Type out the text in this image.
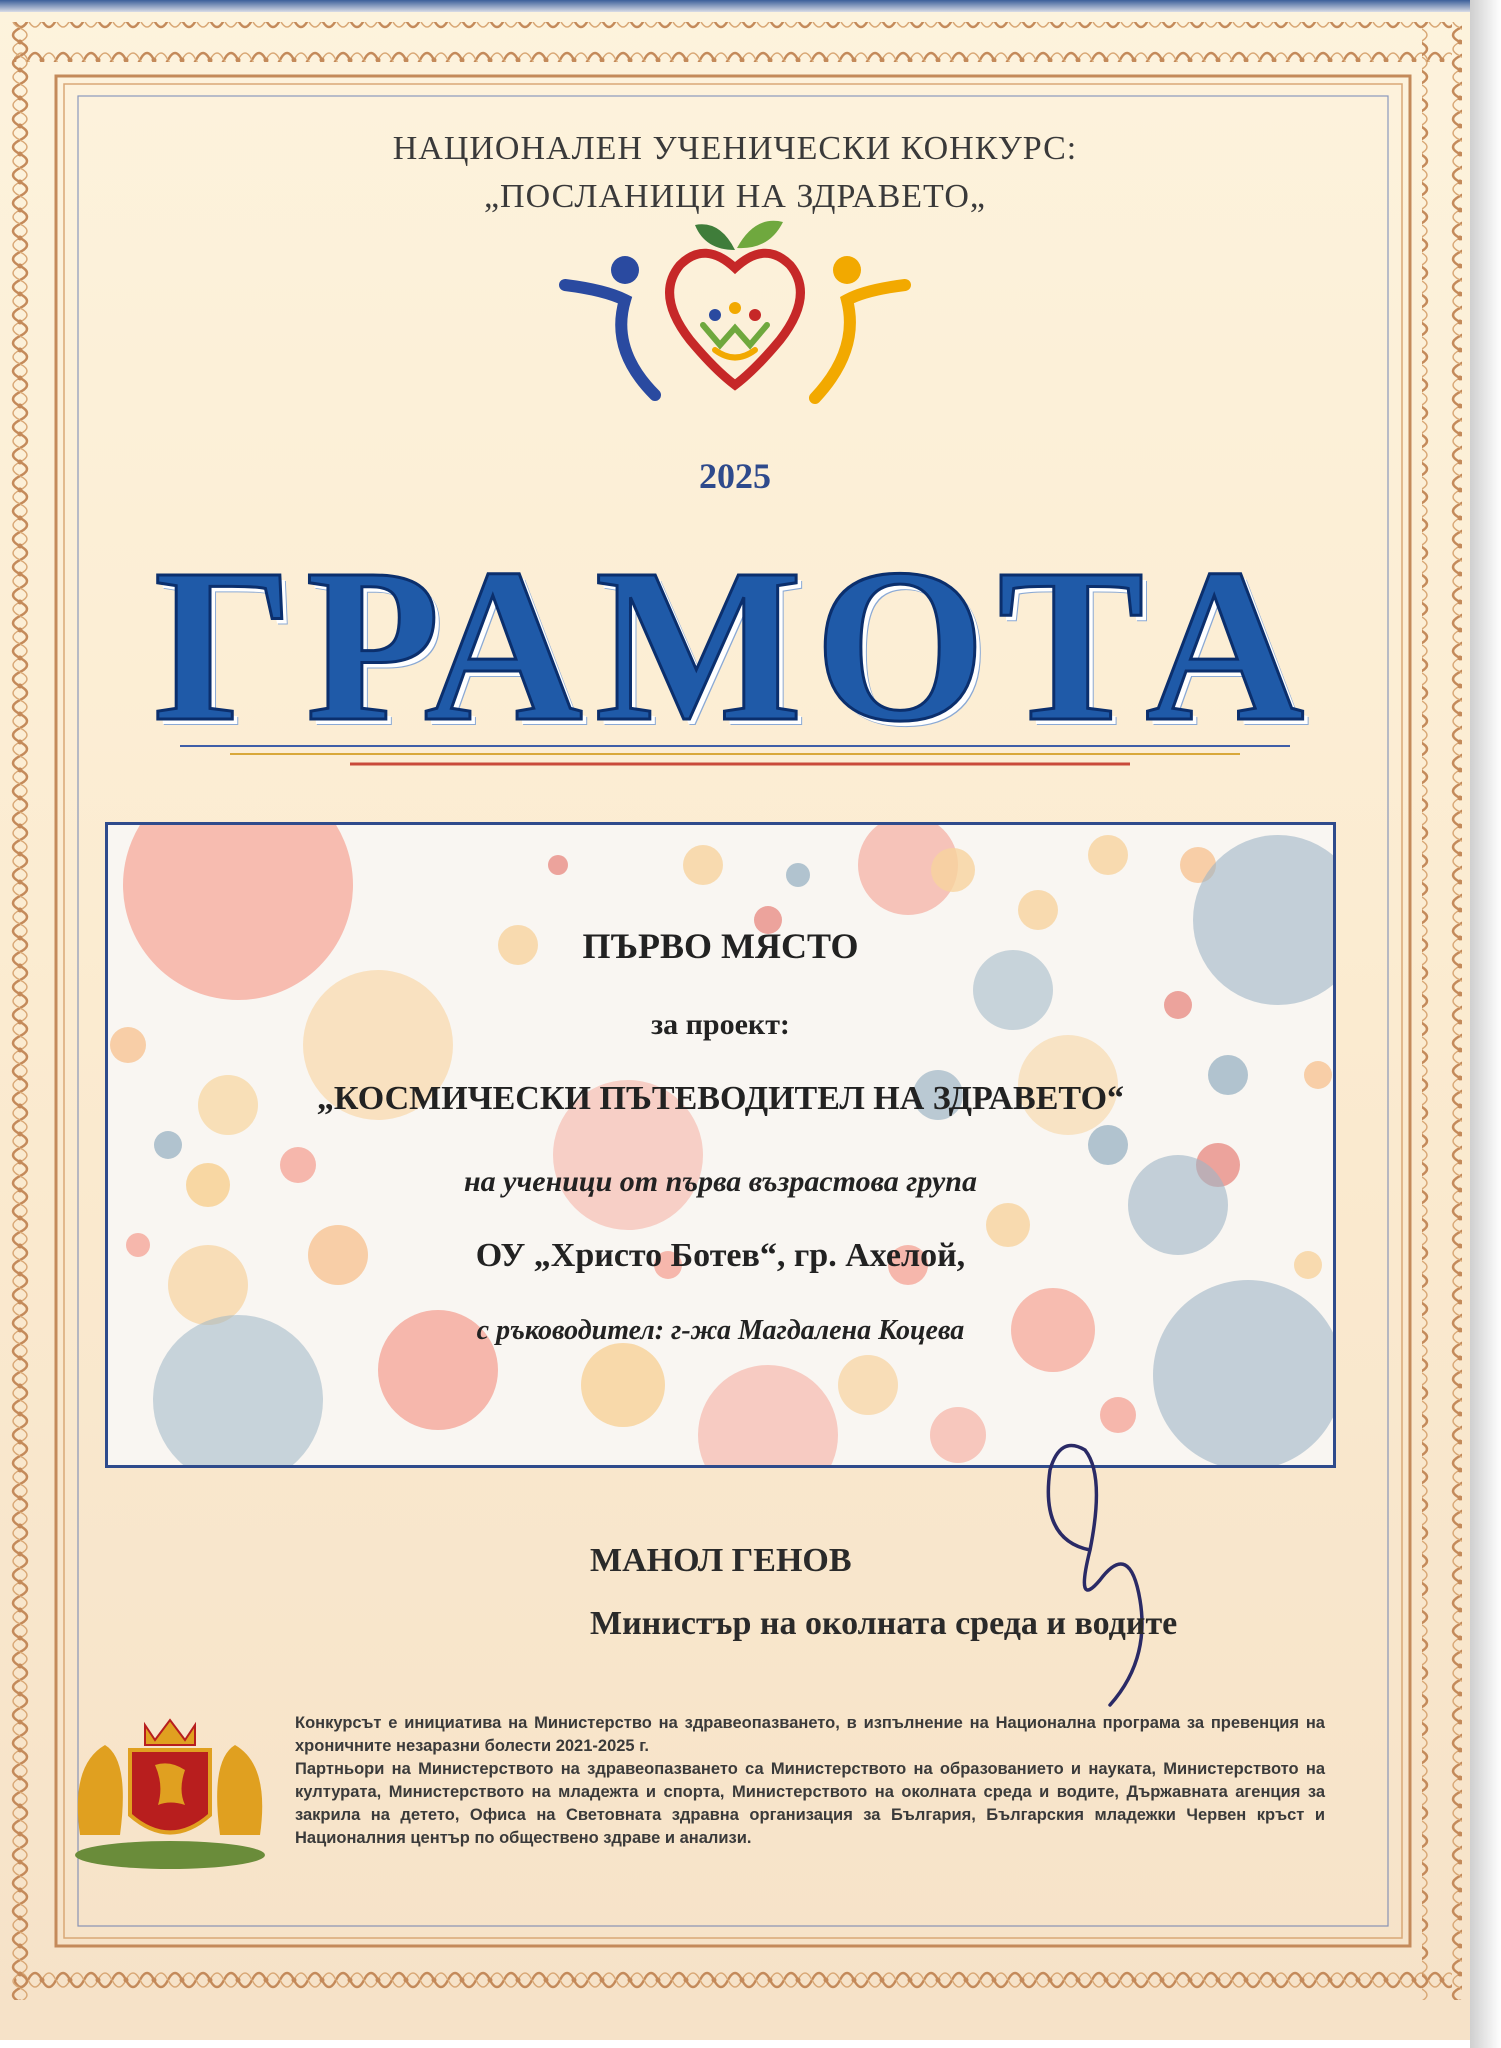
НАЦИОНАЛЕН УЧЕНИЧЕСКИ КОНКУРС:
„ПОСЛАНИЦИ НА ЗДРАВЕТО„
2025
ГРАМОТА
ПЪРВО МЯСТО
за проект:
„КОСМИЧЕСКИ ПЪТЕВОДИТЕЛ НА ЗДРАВЕТО“
на ученици от първа възрастова група
ОУ „Христо Ботев“, гр. Ахелой,
с ръководител: г-жа Магдалена Коцева
МАНОЛ ГЕНОВ
Министър на околната среда и водите

Конкурсът е инициатива на Министерство на здравеопазването, в изпълнение на Национална програма за превенция на хроничните незаразни болести 2021-2025 г.

Партньори на Министерството на здравеопазването са Министерството на образованието и науката, Министерството на културата, Министерството на младежта и спорта, Министерството на околната среда и водите, Държавната агенция за закрила на детето, Офиса на Световната здравна организация за България, Българския младежки Червен кръст и Националния център по обществено здраве и анализи.
